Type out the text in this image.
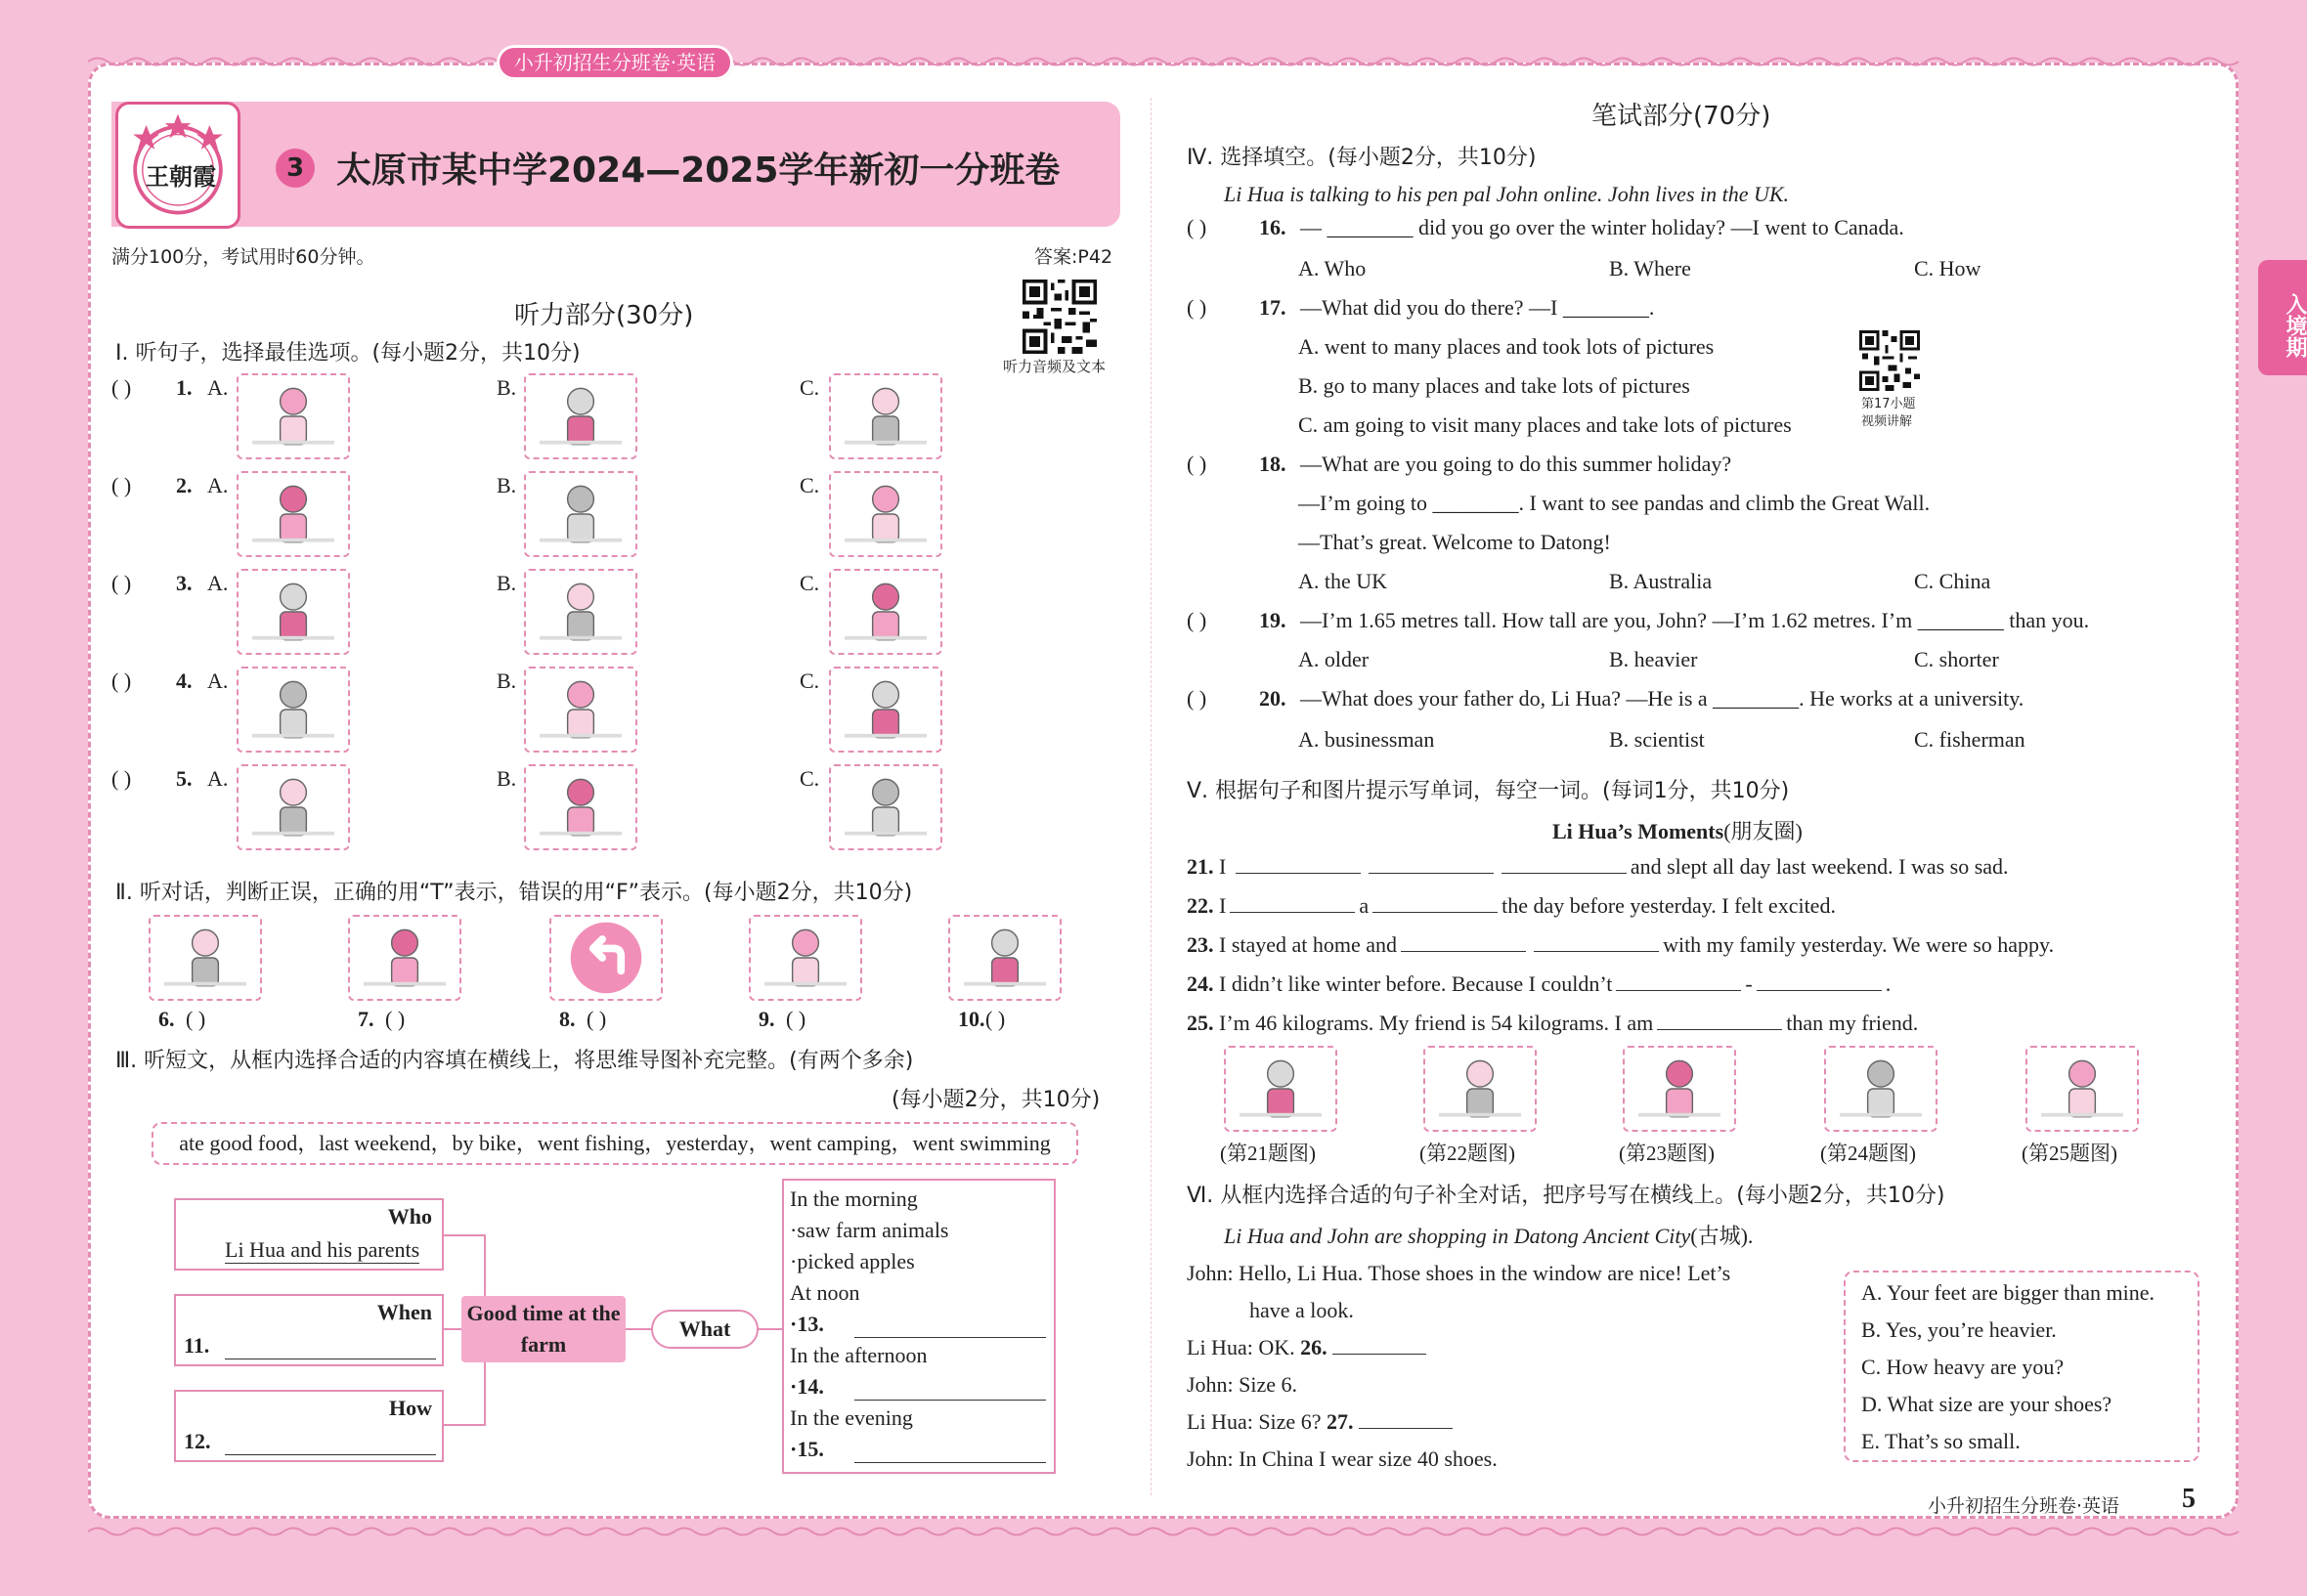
小升初招生分班卷·英语
王朝霞	3 太原市某中学2024—2025学年新初一分班卷
满分100分，考试用时60分钟。	答案:P42
听力音频及文本
听力部分(30分)
Ⅰ. 听句子，选择最佳选项。(每小题2分，共10分)
( ) 1. A.	B.	C.
( ) 2. A.	B.	C.
( ) 3. A.	B.	C.
( ) 4. A.	B.	C.
( ) 5. A.	B.	C.
Ⅱ. 听对话，判断正误，正确的用“T”表示，错误的用“F”表示。(每小题2分，共10分)
6. ( )	7. ( )	8. ( )	9. ( )	10. ( )
Ⅲ. 听短文，从框内选择合适的内容填在横线上，将思维导图补充完整。(有两个多余)
(每小题2分，共10分)
ate good food，last weekend，by bike，went fishing，yesterday，went camping，went swimming
Who
Li Hua and his parents
When
11.
How
12.
Good time at the farm
What
In the morning
·saw farm animals
·picked apples
At noon
·13.
In the afternoon
·14.
In the evening
·15.
笔试部分(70分)
Ⅳ. 选择填空。(每小题2分，共10分)
Li Hua is talking to his pen pal John online. John lives in the UK.
( ) 16. — ________ did you go over the winter holiday? —I went to Canada.
A. Who	B. Where	C. How
( ) 17. —What did you do there? —I ________.
A. went to many places and took lots of pictures
B. go to many places and take lots of pictures
C. am going to visit many places and take lots of pictures
( ) 18. —What are you going to do this summer holiday?
—I’m going to ________. I want to see pandas and climb the Great Wall.
—That’s great. Welcome to Datong!
A. the UK	B. Australia	C. China
( ) 19. —I’m 1.65 metres tall. How tall are you, John? —I’m 1.62 metres. I’m ________ than you.
A. older	B. heavier	C. shorter
( ) 20. —What does your father do, Li Hua? —He is a ________. He works at a university.
A. businessman	B. scientist	C. fisherman
第17小题
视频讲解
Ⅴ. 根据句子和图片提示写单词，每空一词。(每词1分，共10分)
Li Hua’s Moments(朋友圈)
21. I	and slept all day last weekend. I was so sad.
22. I	a	the day before yesterday. I felt excited.
23. I stayed at home and	with my family yesterday. We were so happy.
24. I didn’t like winter before. Because I couldn’t	-	.
25. I’m 46 kilograms. My friend is 54 kilograms. I am	than my friend.
(第21题图)	(第22题图)	(第23题图)	(第24题图)	(第25题图)
Ⅵ. 从框内选择合适的句子补全对话，把序号写在横线上。(每小题2分，共10分)
Li Hua and John are shopping in Datong Ancient City(古城).
John: Hello, Li Hua. Those shoes in the window are nice! Let’s
have a look.
Li Hua: OK. 26.
John: Size 6.
Li Hua: Size 6? 27.
John: In China I wear size 40 shoes.
A. Your feet are bigger than mine.
B. Yes, you’re heavier.
C. How heavy are you?
D. What size are your shoes?
E. That’s so small.
入境期
小升初招生分班卷·英语 5
